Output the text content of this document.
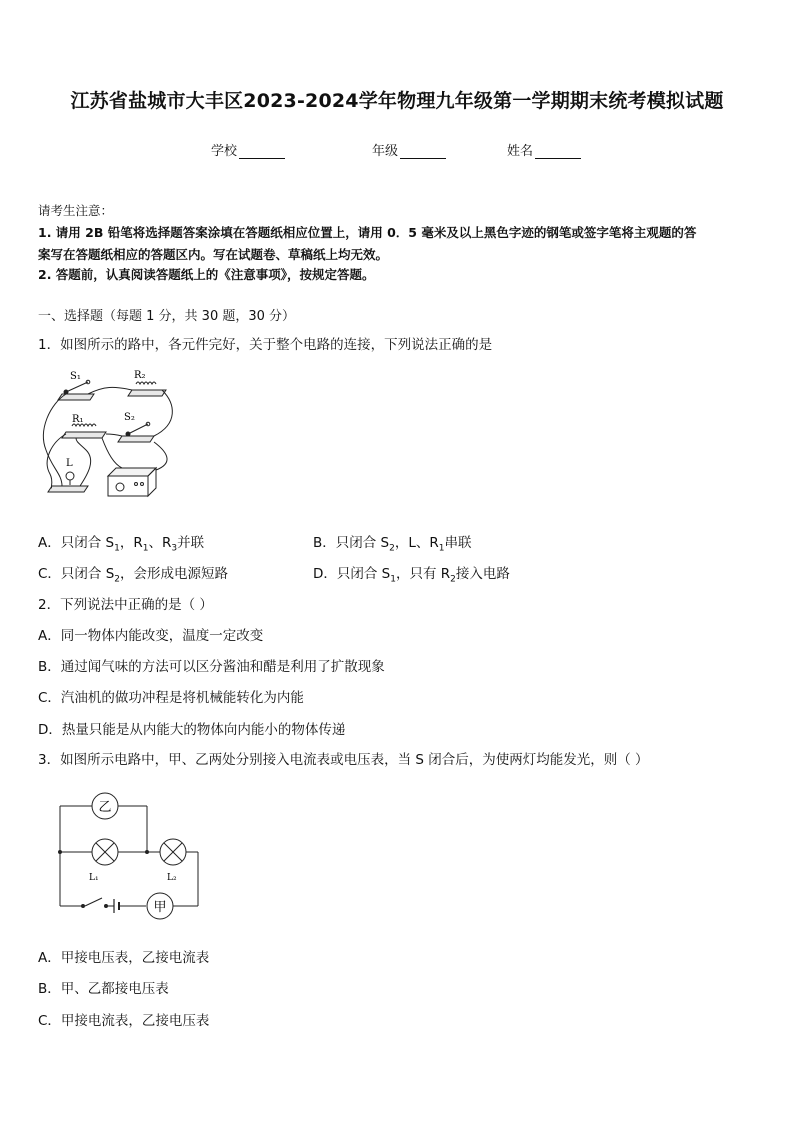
江苏省盐城市大丰区2023-2024学年物理九年级第一学期期末统考模拟试题
学校	年级	姓名
请考生注意：
1. 请用 2B 铅笔将选择题答案涂填在答题纸相应位置上，请用 0．5 毫米及以上黑色字迹的钢笔或签字笔将主观题的答
案写在答题纸相应的答题区内。写在试题卷、草稿纸上均无效。
2. 答题前，认真阅读答题纸上的《注意事项》，按规定答题。
一、选择题（每题 1 分，共 30 题，30 分）
1．如图所示的路中，各元件完好，关于整个电路的连接，下列说法正确的是
S₁	R₂
S₂
R₁
L
A．只闭合 $S_1$，$R_1$、$R_3$并联	B．只闭合 $S_2$，L、$R_1$串联
C．只闭合 $S_2$，会形成电源短路	D．只闭合 $S_1$，只有 $R_2$接入电路
2．下列说法中正确的是（ ）
A．同一物体内能改变，温度一定改变
B．通过闻气味的方法可以区分酱油和醋是利用了扩散现象
C．汽油机的做功冲程是将机械能转化为内能
D．热量只能是从内能大的物体向内能小的物体传递
3．如图所示电路中，甲、乙两处分别接入电流表或电压表，当 S 闭合后，为使两灯均能发光，则（ ）
乙
甲
L₁	L₂
A．甲接电压表，乙接电流表
B．甲、乙都接电压表
C．甲接电流表，乙接电压表
